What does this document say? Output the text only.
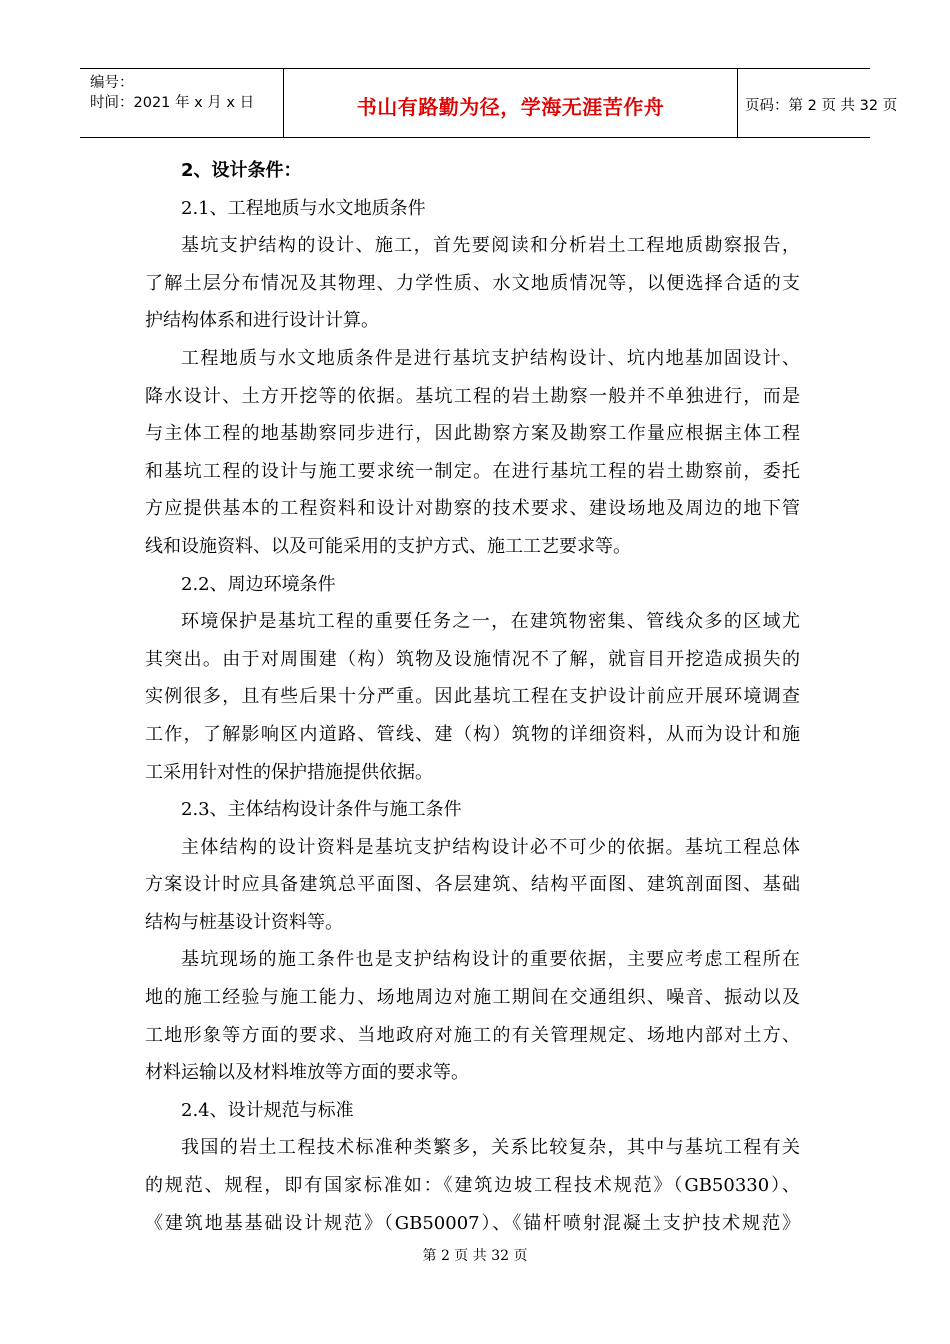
编号：
时间：2021 年 x 月 x 日	书山有路勤为径，学海无涯苦作舟	页码：第 2 页 共 32 页
2、设计条件：
2.1、工程地质与水文地质条件
基坑支护结构的设计、施工，首先要阅读和分析岩土工程地质勘察报告，
了解土层分布情况及其物理、力学性质、水文地质情况等，以便选择合适的支
护结构体系和进行设计计算。
工程地质与水文地质条件是进行基坑支护结构设计、坑内地基加固设计、
降水设计、土方开挖等的依据。基坑工程的岩土勘察一般并不单独进行，而是
与主体工程的地基勘察同步进行，因此勘察方案及勘察工作量应根据主体工程
和基坑工程的设计与施工要求统一制定。在进行基坑工程的岩土勘察前，委托
方应提供基本的工程资料和设计对勘察的技术要求、建设场地及周边的地下管
线和设施资料、以及可能采用的支护方式、施工工艺要求等。
2.2、周边环境条件
环境保护是基坑工程的重要任务之一，在建筑物密集、管线众多的区域尤
其突出。由于对周围建（构）筑物及设施情况不了解，就盲目开挖造成损失的
实例很多，且有些后果十分严重。因此基坑工程在支护设计前应开展环境调查
工作，了解影响区内道路、管线、建（构）筑物的详细资料，从而为设计和施
工采用针对性的保护措施提供依据。
2.3、主体结构设计条件与施工条件
主体结构的设计资料是基坑支护结构设计必不可少的依据。基坑工程总体
方案设计时应具备建筑总平面图、各层建筑、结构平面图、建筑剖面图、基础
结构与桩基设计资料等。
基坑现场的施工条件也是支护结构设计的重要依据，主要应考虑工程所在
地的施工经验与施工能力、场地周边对施工期间在交通组织、噪音、振动以及
工地形象等方面的要求、当地政府对施工的有关管理规定、场地内部对土方、
材料运输以及材料堆放等方面的要求等。
2.4、设计规范与标准
我国的岩土工程技术标准种类繁多，关系比较复杂，其中与基坑工程有关
的规范、规程，即有国家标准如：《建筑边坡工程技术规范》（GB50330）、
《建筑地基基础设计规范》（GB50007）、《锚杆喷射混凝土支护技术规范》
第 2 页 共 32 页
